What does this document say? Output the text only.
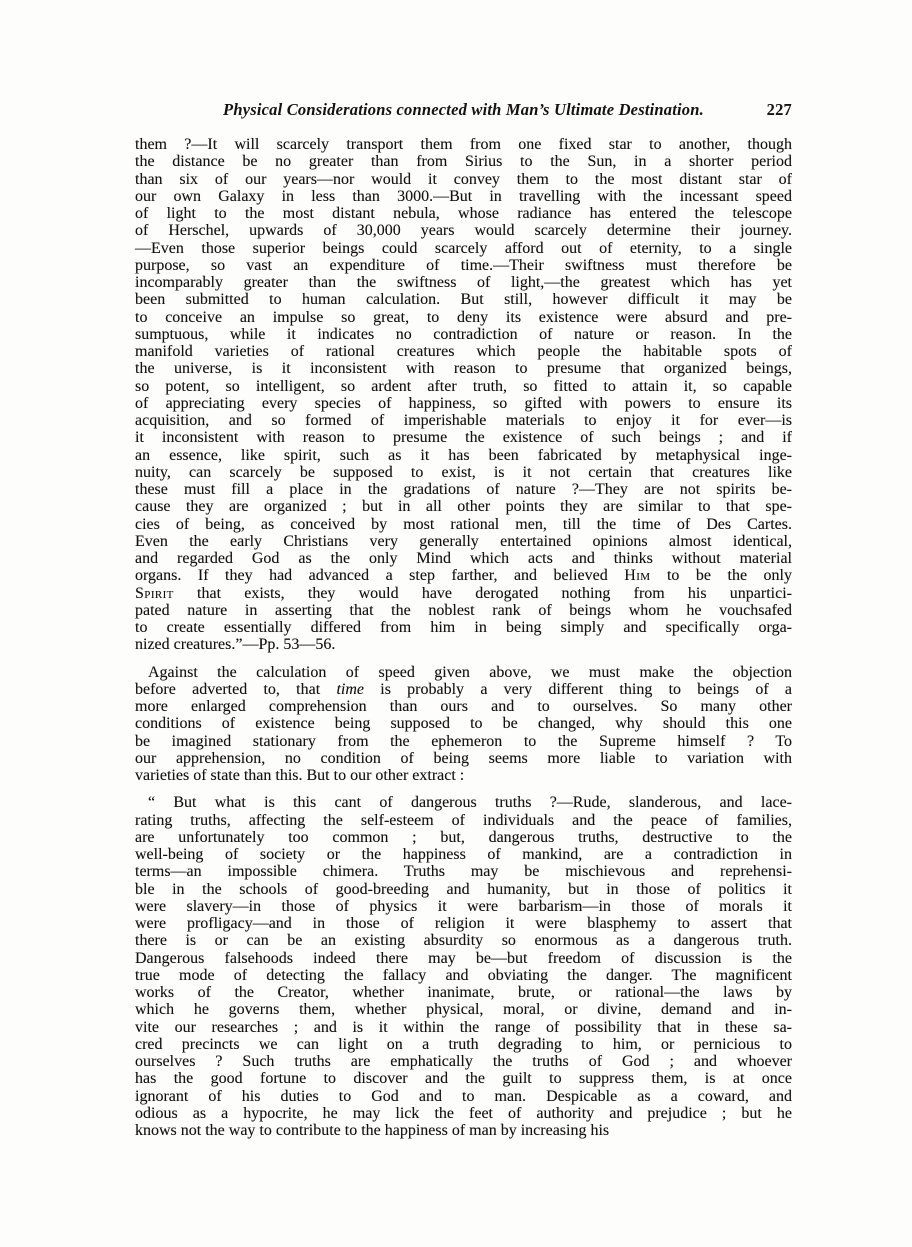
Physical Considerations connected with Man’s Ultimate Destination.	227
them ?—It will scarcely transport them from one fixed star to another, though
the distance be no greater than from Sirius to the Sun, in a shorter period
than six of our years—nor would it convey them to the most distant star of
our own Galaxy in less than 3000.—But in travelling with the incessant speed
of light to the most distant nebula, whose radiance has entered the telescope
of Herschel, upwards of 30,000 years would scarcely determine their journey.
—Even those superior beings could scarcely afford out of eternity, to a single
purpose, so vast an expenditure of time.—Their swiftness must therefore be
incomparably greater than the swiftness of light,—the greatest which has yet
been submitted to human calculation. But still, however difficult it may be
to conceive an impulse so great, to deny its existence were absurd and pre-
sumptuous, while it indicates no contradiction of nature or reason. In the
manifold varieties of rational creatures which people the habitable spots of
the universe, is it inconsistent with reason to presume that organized beings,
so potent, so intelligent, so ardent after truth, so fitted to attain it, so capable
of appreciating every species of happiness, so gifted with powers to ensure its
acquisition, and so formed of imperishable materials to enjoy it for ever—is
it inconsistent with reason to presume the existence of such beings ; and if
an essence, like spirit, such as it has been fabricated by metaphysical inge-
nuity, can scarcely be supposed to exist, is it not certain that creatures like
these must fill a place in the gradations of nature ?—They are not spirits be-
cause they are organized ; but in all other points they are similar to that spe-
cies of being, as conceived by most rational men, till the time of Des Cartes.
Even the early Christians very generally entertained opinions almost identical,
and regarded God as the only Mind which acts and thinks without material
organs. If they had advanced a step farther, and believed Him to be the only
Spirit that exists, they would have derogated nothing from his unpartici-
pated nature in asserting that the noblest rank of beings whom he vouchsafed
to create essentially differed from him in being simply and specifically orga-
nized creatures.”—Pp. 53—56.
Against the calculation of speed given above, we must make the objection
before adverted to, that time is probably a very different thing to beings of a
more enlarged comprehension than ours and to ourselves. So many other
conditions of existence being supposed to be changed, why should this one
be imagined stationary from the ephemeron to the Supreme himself ? To
our apprehension, no condition of being seems more liable to variation with
varieties of state than this. But to our other extract :
“ But what is this cant of dangerous truths ?—Rude, slanderous, and lace-
rating truths, affecting the self-esteem of individuals and the peace of families,
are unfortunately too common ; but, dangerous truths, destructive to the
well-being of society or the happiness of mankind, are a contradiction in
terms—an impossible chimera. Truths may be mischievous and reprehensi-
ble in the schools of good-breeding and humanity, but in those of politics it
were slavery—in those of physics it were barbarism—in those of morals it
were profligacy—and in those of religion it were blasphemy to assert that
there is or can be an existing absurdity so enormous as a dangerous truth.
Dangerous falsehoods indeed there may be—but freedom of discussion is the
true mode of detecting the fallacy and obviating the danger. The magnificent
works of the Creator, whether inanimate, brute, or rational—the laws by
which he governs them, whether physical, moral, or divine, demand and in-
vite our researches ; and is it within the range of possibility that in these sa-
cred precincts we can light on a truth degrading to him, or pernicious to
ourselves ? Such truths are emphatically the truths of God ; and whoever
has the good fortune to discover and the guilt to suppress them, is at once
ignorant of his duties to God and to man. Despicable as a coward, and
odious as a hypocrite, he may lick the feet of authority and prejudice ; but he
knows not the way to contribute to the happiness of man by increasing his
